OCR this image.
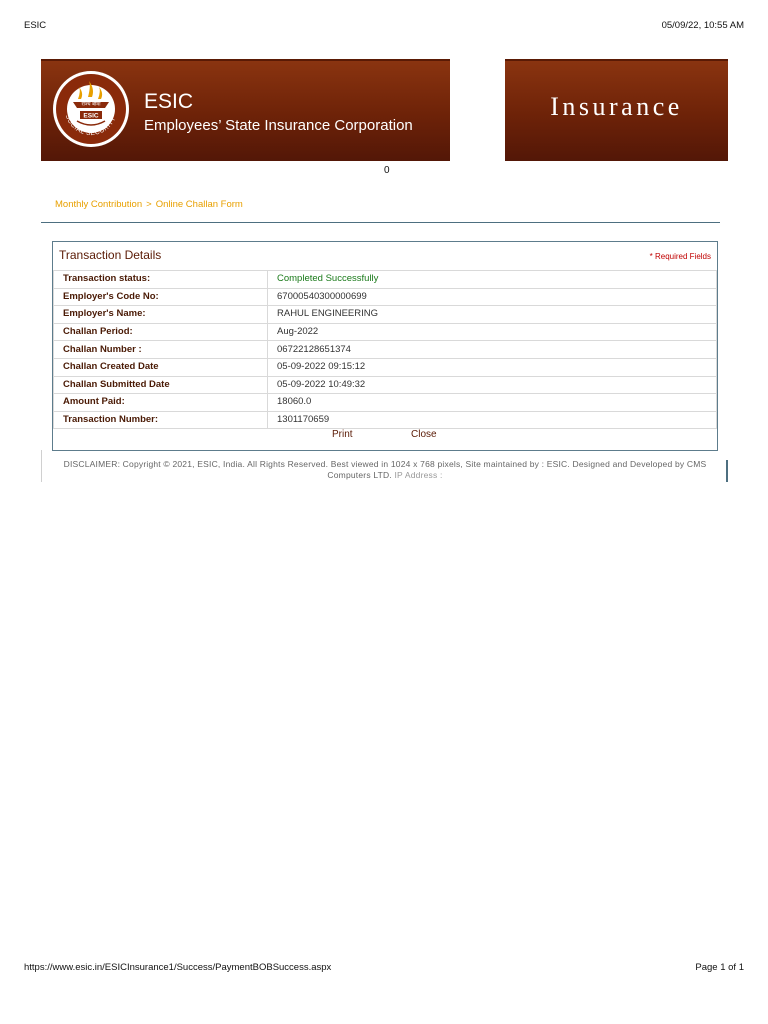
ESIC	05/09/22, 10:55 AM
SOCIAL SECURITY
राज्य बीमा
ESIC
ESIC
Employees’ State Insurance Corporation
Insurance
0
Monthly Contribution > Online Challan Form
Transaction Details	* Required Fields
Transaction status:	Completed Successfully
Employer's Code No:	67000540300000699
Employer's Name:	RAHUL ENGINEERING
Challan Period:	Aug-2022
Challan Number :	06722128651374
Challan Created Date	05-09-2022 09:15:12
Challan Submitted Date	05-09-2022 10:49:32
Amount Paid:	18060.0
Transaction Number:	1301170659
Print	Close
DISCLAIMER: Copyright © 2021, ESIC, India. All Rights Reserved. Best viewed in 1024 x 768 pixels, Site maintained by : ESIC. Designed and Developed by CMS Computers LTD. IP Address :
https://www.esic.in/ESICInsurance1/Success/PaymentBOBSuccess.aspx	Page 1 of 1
